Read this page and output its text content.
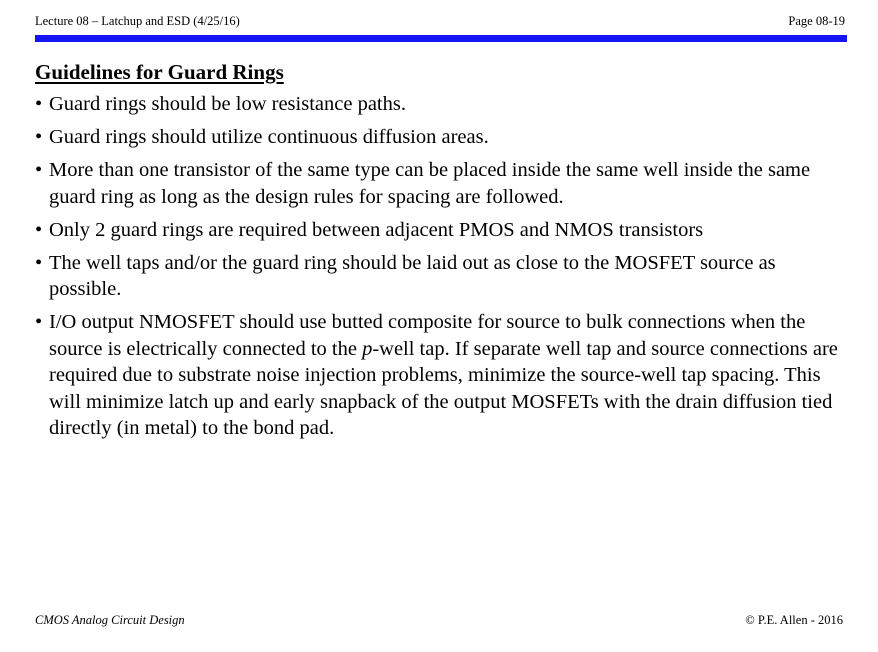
Lecture 08 – Latchup and ESD (4/25/16)	Page 08-19
Guidelines for Guard Rings
• Guard rings should be low resistance paths.
• Guard rings should utilize continuous diffusion areas.
• More than one transistor of the same type can be placed inside the same well inside the same guard ring as long as the design rules for spacing are followed.
• Only 2 guard rings are required between adjacent PMOS and NMOS transistors
• The well taps and/or the guard ring should be laid out as close to the MOSFET source as possible.
• I/O output NMOSFET should use butted composite for source to bulk connections when the source is electrically connected to the p-well tap. If separate well tap and source connections are required due to substrate noise injection problems, minimize the source-well tap spacing. This will minimize latch up and early snapback of the output MOSFETs with the drain diffusion tied directly (in metal) to the bond pad.
CMOS Analog Circuit Design	© P.E. Allen - 2016
